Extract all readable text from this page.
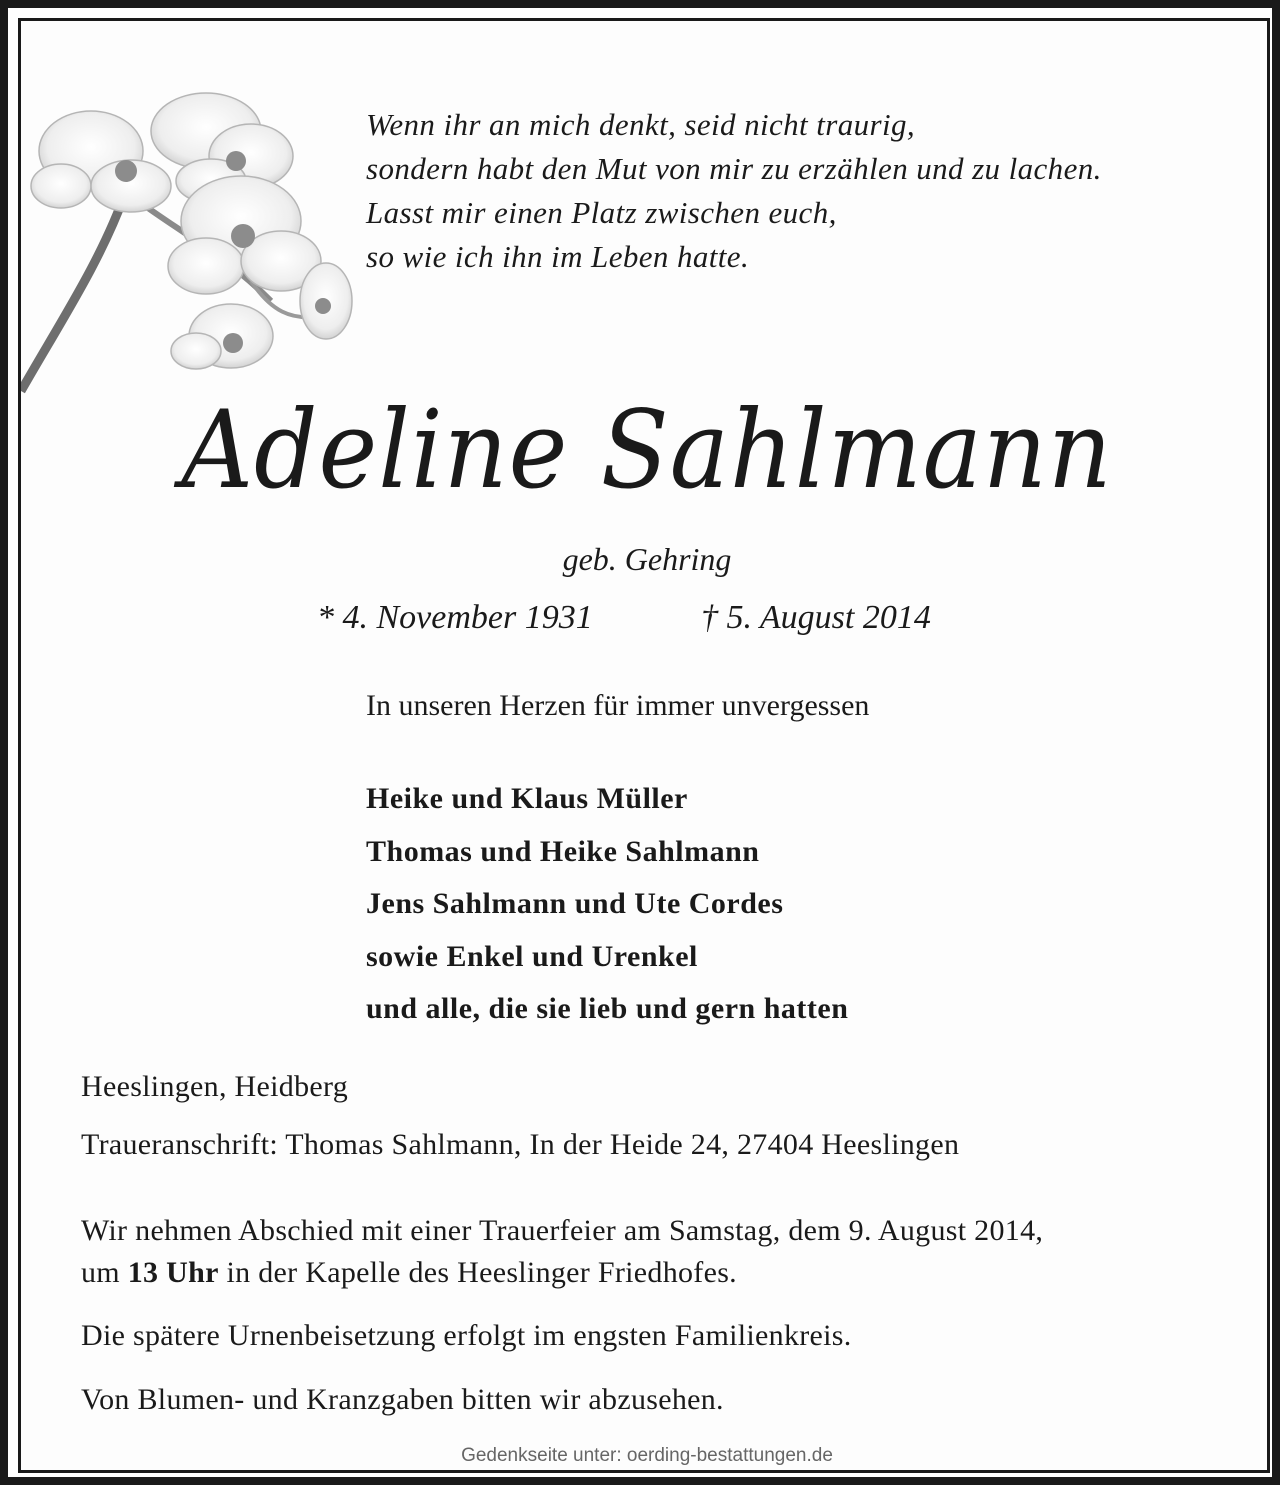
Wenn ihr an mich denkt, seid nicht traurig,
sondern habt den Mut von mir zu erzählen und zu lachen.
Lasst mir einen Platz zwischen euch,
so wie ich ihn im Leben hatte.
Adeline Sahlmann
geb. Gehring
* 4. November 1931	† 5. August 2014
In unseren Herzen für immer unvergessen
Heike und Klaus Müller
Thomas und Heike Sahlmann
Jens Sahlmann und Ute Cordes
sowie Enkel und Urenkel
und alle, die sie lieb und gern hatten
Heeslingen, Heidberg
Traueranschrift: Thomas Sahlmann, In der Heide 24, 27404 Heeslingen
Wir nehmen Abschied mit einer Trauerfeier am Samstag, dem 9. August 2014,
um 13 Uhr in der Kapelle des Heeslinger Friedhofes.
Die spätere Urnenbeisetzung erfolgt im engsten Familienkreis.
Von Blumen- und Kranzgaben bitten wir abzusehen.
Gedenkseite unter: oerding-bestattungen.de
